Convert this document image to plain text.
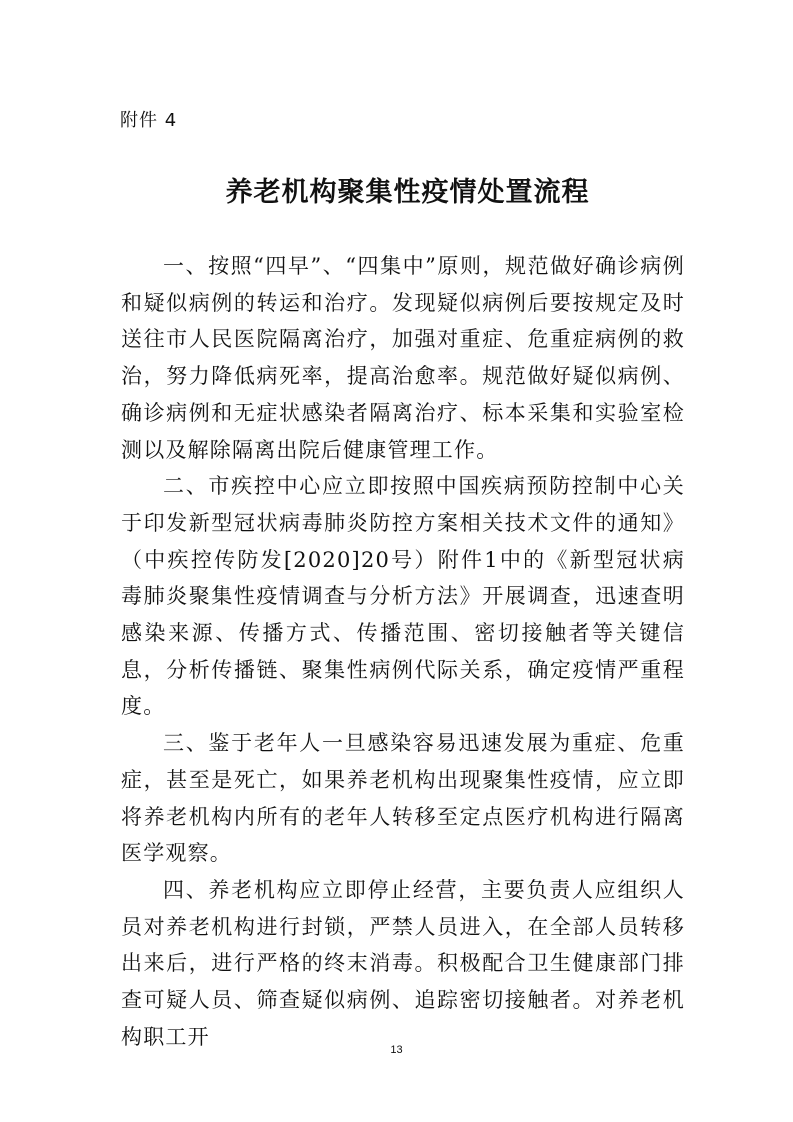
附件 4
养老机构聚集性疫情处置流程

一、按照“四早”、“四集中”原则，规范做好确诊病例和疑似病例的转运和治疗。发现疑似病例后要按规定及时送往市人民医院隔离治疗，加强对重症、危重症病例的救治，努力降低病死率，提高治愈率。规范做好疑似病例、确诊病例和无症状感染者隔离治疗、标本采集和实验室检测以及解除隔离出院后健康管理工作。

二、市疾控中心应立即按照中国疾病预防控制中心关于印发新型冠状病毒肺炎防控方案相关技术文件的通知》（中疾控传防发[2020]20号）附件1中的《新型冠状病毒肺炎聚集性疫情调查与分析方法》开展调查，迅速查明感染来源、传播方式、传播范围、密切接触者等关键信息，分析传播链、聚集性病例代际关系，确定疫情严重程度。

三、鉴于老年人一旦感染容易迅速发展为重症、危重症，甚至是死亡，如果养老机构出现聚集性疫情，应立即将养老机构内所有的老年人转移至定点医疗机构进行隔离医学观察。

四、养老机构应立即停止经营，主要负责人应组织人员对养老机构进行封锁，严禁人员进入，在全部人员转移出来后，进行严格的终末消毒。积极配合卫生健康部门排查可疑人员、筛查疑似病例、追踪密切接触者。对养老机构职工开

13
